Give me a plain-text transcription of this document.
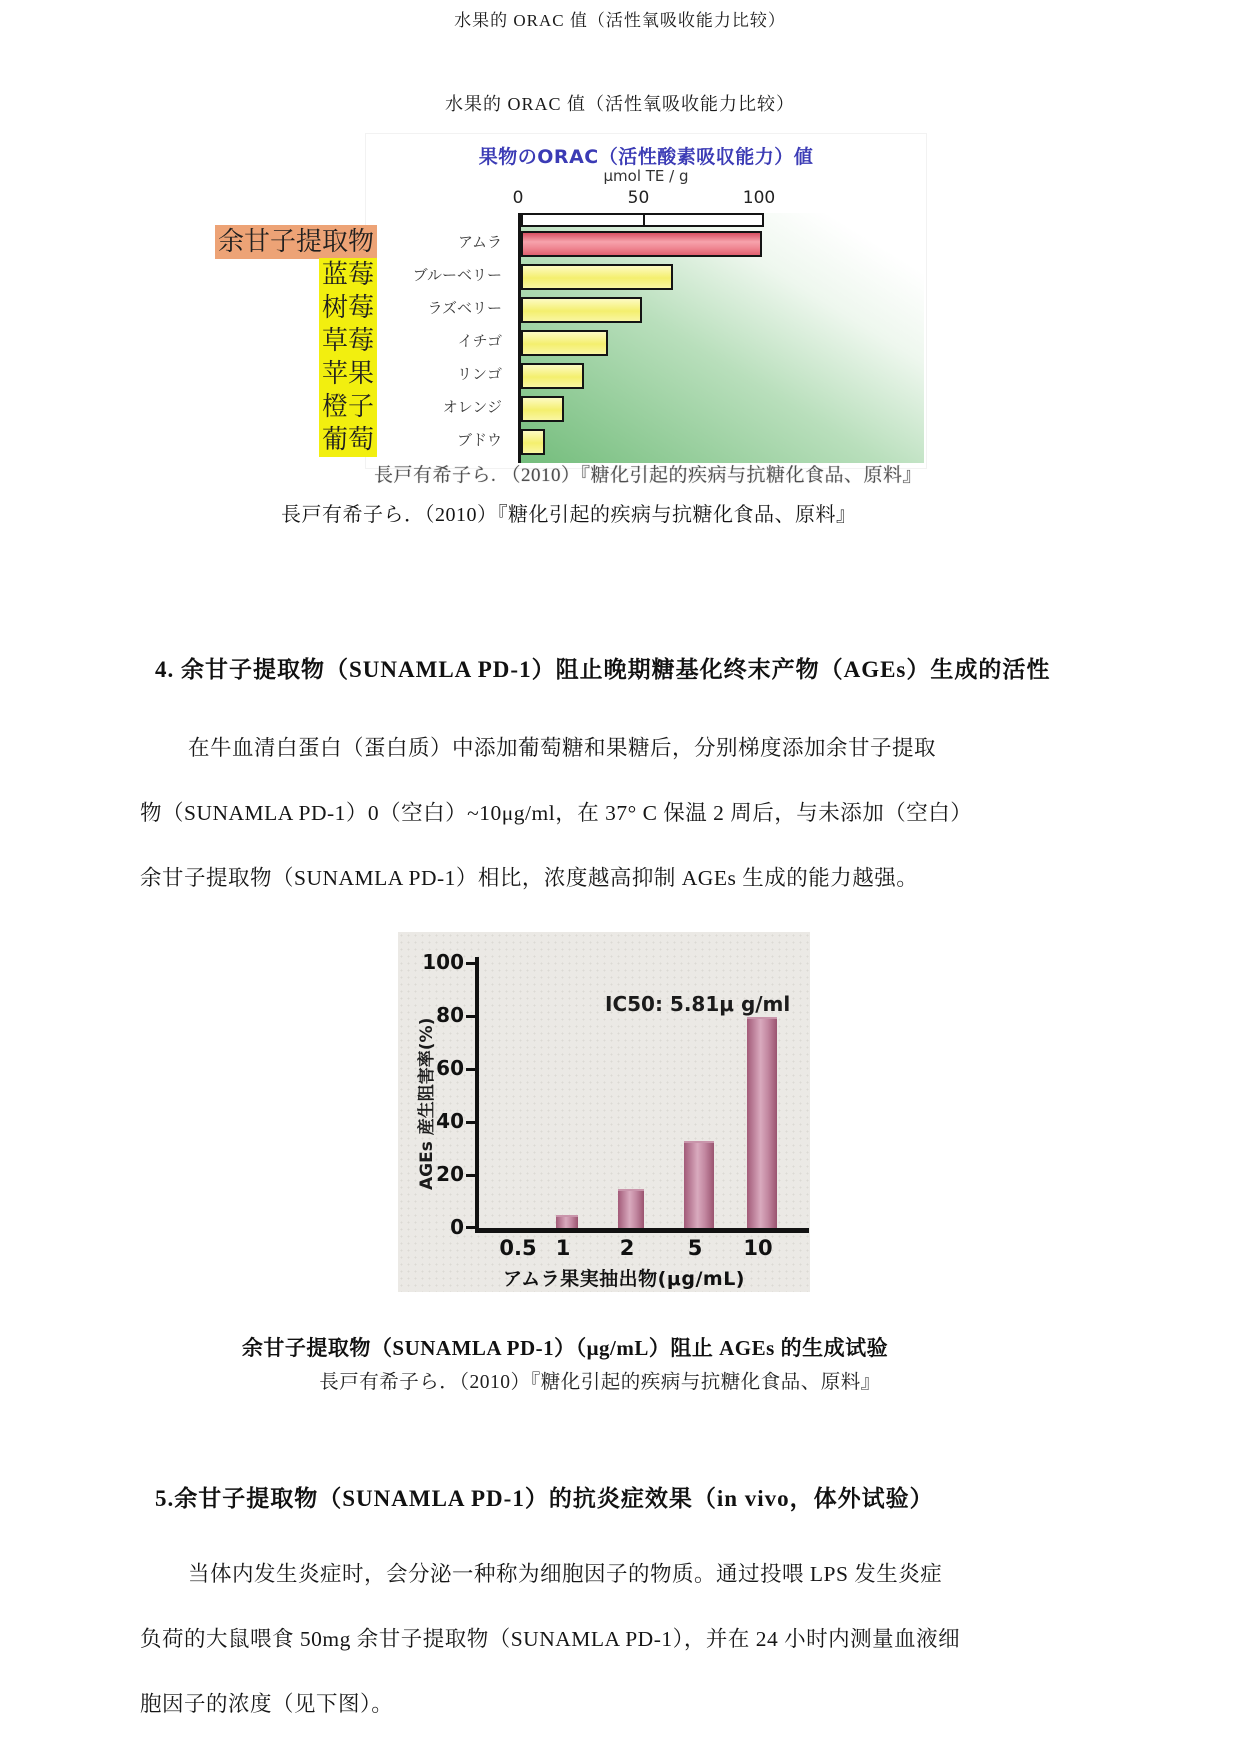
水果的 ORAC 值（活性氧吸收能力比较）
水果的 ORAC 值（活性氧吸收能力比较）
果物のORAC（活性酸素吸収能力）値
μmol TE / g
0	50	100
アムラ
ブルーベリー
ラズベリー
イチゴ
リンゴ
オレンジ
ブドウ
余甘子提取物
蓝莓
树莓
草莓
苹果
橙子
葡萄
長戸有希子ら. （2010）『糖化引起的疾病与抗糖化食品、原料』
長戸有希子ら．（2010）『糖化引起的疾病与抗糖化食品、原料』
4. 余甘子提取物（SUNAMLA PD-1）阻止晚期糖基化终末产物（AGEs）生成的活性
在牛血清白蛋白（蛋白质）中添加葡萄糖和果糖后，分别梯度添加余甘子提取
物（SUNAMLA PD-1）0（空白）~10μg/ml，在 37° C 保温 2 周后，与未添加（空白）
余甘子提取物（SUNAMLA PD-1）相比，浓度越高抑制 AGEs 生成的能力越强。
AGEs 産生阻害率(%)
IC50: 5.81μ g/ml
0
20
40
60
80
100
0.5 1 2	5 10
アムラ果実抽出物(μg/mL)
余甘子提取物（SUNAMLA PD-1）（μg/mL）阻止 AGEs 的生成试验
長戸有希子ら．（2010）『糖化引起的疾病与抗糖化食品、原料』
5.余甘子提取物（SUNAMLA PD-1）的抗炎症效果（in vivo，体外试验）
当体内发生炎症时，会分泌一种称为细胞因子的物质。通过投喂 LPS 发生炎症
负荷的大鼠喂食 50mg 余甘子提取物（SUNAMLA PD-1），并在 24 小时内测量血液细
胞因子的浓度（见下图）。
